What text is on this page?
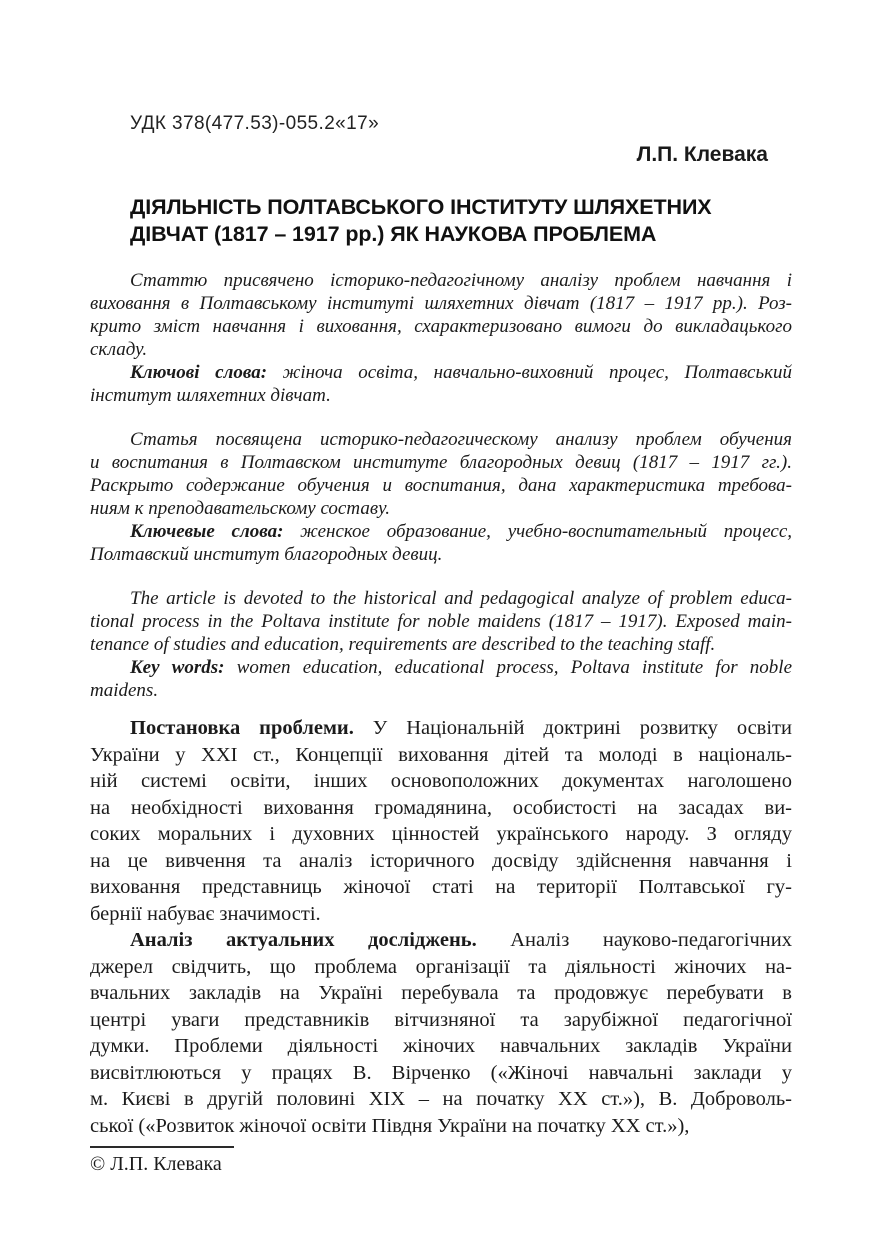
УДК 378(477.53)-055.2«17»
Л.П. Клевака
ДІЯЛЬНІСТЬ ПОЛТАВСЬКОГО ІНСТИТУТУ ШЛЯХЕТНИХ
ДІВЧАТ (1817 – 1917 рр.) ЯК НАУКОВА ПРОБЛЕМА
Статтю присвячено історико-педагогічному аналізу проблем навчання і
виховання в Полтавському інституті шляхетних дівчат (1817 – 1917 рр.). Роз-
крито зміст навчання і виховання, схарактеризовано вимоги до викладацького
складу.
Ключові слова: жіноча освіта, навчально-виховний процес, Полтавський
інститут шляхетних дівчат.
Статья посвящена историко-педагогическому анализу проблем обучения
и воспитания в Полтавском институте благородных девиц (1817 – 1917 гг.).
Раскрыто содержание обучения и воспитания, дана характеристика требова-
ниям к преподавательскому составу.
Ключевые слова: женское образование, учебно-воспитательный процесс,
Полтавский институт благородных девиц.
The article is devoted to the historical and pedagogical analyze of problem educa-
tional process in the Poltava institute for noble maidens (1817 – 1917). Exposed main-
tenance of studies and education, requirements are described to the teaching staff.
Key words: women education, educational process, Poltava institute for noble
maidens.
Постановка проблеми. У Національній доктрині розвитку освіти
України у XXI ст., Концепції виховання дітей та молоді в національ-
ній системі освіти, інших основоположних документах наголошено
на необхідності виховання громадянина, особистості на засадах ви-
соких моральних і духовних цінностей українського народу. З огляду
на це вивчення та аналіз історичного досвіду здійснення навчання і
виховання представниць жіночої статі на території Полтавської гу-
бернії набуває значимості.
Аналіз актуальних досліджень. Аналіз науково-педагогічних
джерел свідчить, що проблема організації та діяльності жіночих на-
вчальних закладів на Україні перебувала та продовжує перебувати в
центрі уваги представників вітчизняної та зарубіжної педагогічної
думки. Проблеми діяльності жіночих навчальних закладів України
висвітлюються у працях В. Вірченко («Жіночі навчальні заклади у
м. Києві в другій половині XIX – на початку XX ст.»), В. Доброволь-
ської («Розвиток жіночої освіти Півдня України на початку XX ст.»),
© Л.П. Клевака
